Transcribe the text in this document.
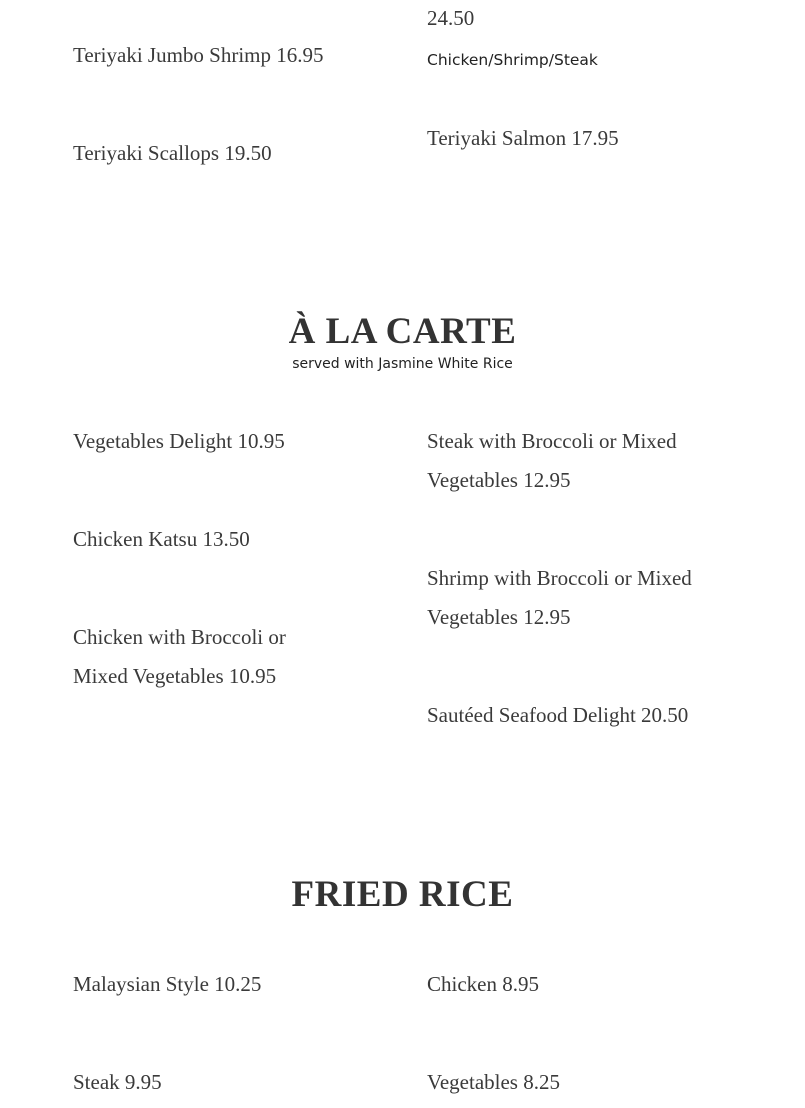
24.50

Chicken/Shrimp/Steak

Teriyaki Jumbo Shrimp 16.95

Teriyaki Scallops 19.50

Teriyaki Salmon 17.95

À LA CARTE

served with Jasmine White Rice

Vegetables Delight 10.95

Chicken Katsu 13.50

Chicken with Broccoli or Mixed Vegetables 10.95

Steak with Broccoli or Mixed Vegetables 12.95

Shrimp with Broccoli or Mixed Vegetables 12.95

Sautéed Seafood Delight 20.50

FRIED RICE

Malaysian Style 10.25

Steak 9.95

Chicken 8.95

Vegetables 8.25
